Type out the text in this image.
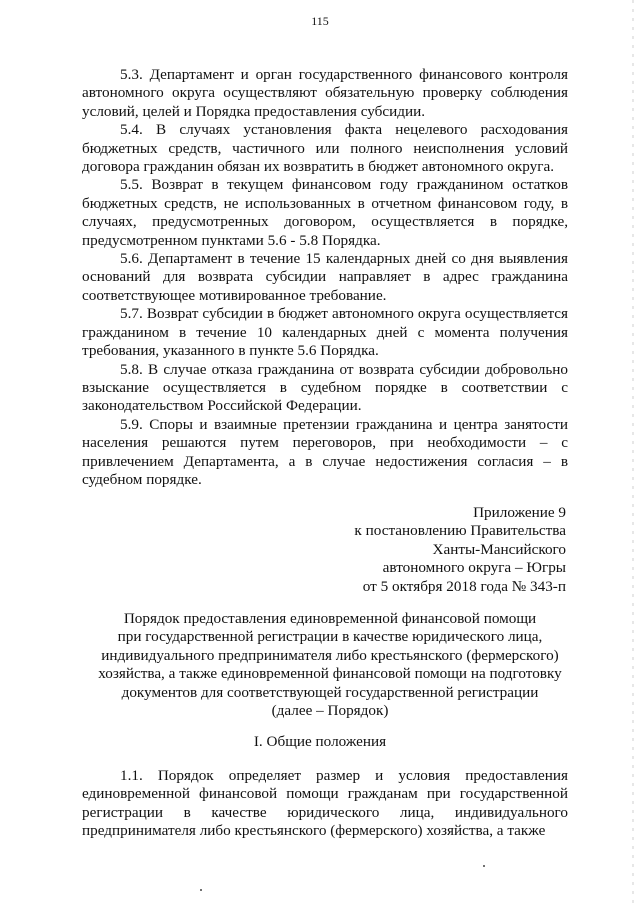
115

5.3. Департамент и орган государственного финансового контроля автономного округа осуществляют обязательную проверку соблюдения условий, целей и Порядка предоставления субсидии.

5.4. В случаях установления факта нецелевого расходования бюджетных средств, частичного или полного неисполнения условий договора гражданин обязан их возвратить в бюджет автономного округа.

5.5. Возврат в текущем финансовом году гражданином остатков бюджетных средств, не использованных в отчетном финансовом году, в случаях, предусмотренных договором, осуществляется в порядке, предусмотренном пунктами 5.6 - 5.8 Порядка.

5.6. Департамент в течение 15 календарных дней со дня выявления оснований для возврата субсидии направляет в адрес гражданина соответствующее мотивированное требование.

5.7. Возврат субсидии в бюджет автономного округа осуществляется гражданином в течение 10 календарных дней с момента получения требования, указанного в пункте 5.6 Порядка.

5.8. В случае отказа гражданина от возврата субсидии добровольно взыскание осуществляется в судебном порядке в соответствии с законодательством Российской Федерации.

5.9. Споры и взаимные претензии гражданина и центра занятости населения решаются путем переговоров, при необходимости – с привлечением Департамента, а в случае недостижения согласия – в судебном порядке.

Приложение 9
к постановлению Правительства
Ханты-Мансийского
автономного округа – Югры
от 5 октября 2018 года № 343-п
Порядок предоставления единовременной финансовой помощи
при государственной регистрации в качестве юридического лица,
индивидуального предпринимателя либо крестьянского (фермерского)
хозяйства, а также единовременной финансовой помощи на подготовку
документов для соответствующей государственной регистрации
(далее – Порядок)
I. Общие положения

1.1. Порядок определяет размер и условия предоставления единовременной финансовой помощи гражданам при государственной регистрации в качестве юридического лица, индивидуального предпринимателя либо крестьянского (фермерского) хозяйства, а также
